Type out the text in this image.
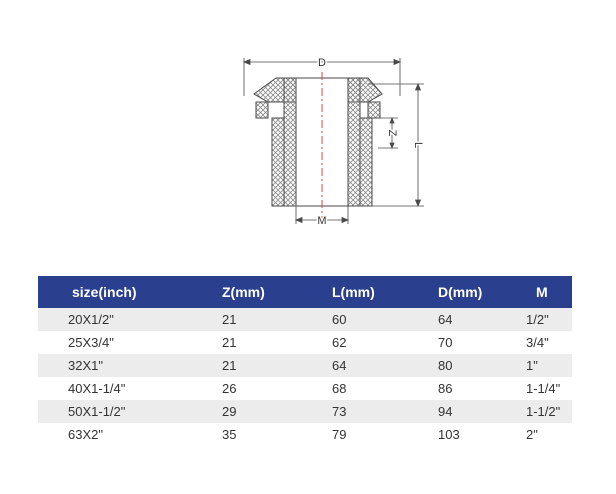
D
L
Z
M
size(inch)	Z(mm)	L(mm)	D(mm)	M
20X1/2"	21	60	64	1/2"
25X3/4"	21	62	70	3/4"
32X1"	21	64	80	1"
40X1-1/4"	26	68	86	1-1/4"
50X1-1/2"	29	73	94	1-1/2"
63X2"	35	79	103	2"
